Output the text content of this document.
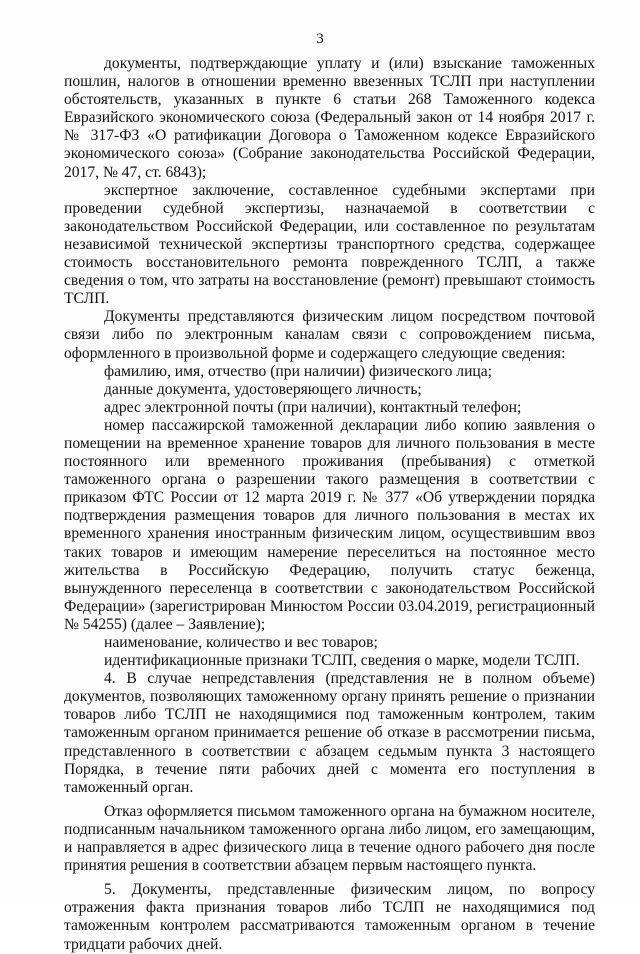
3

документы, подтверждающие уплату и (или) взыскание таможенных пошлин, налогов в отношении временно ввезенных ТСЛП при наступлении обстоятельств, указанных в пункте 6 статьи 268 Таможенного кодекса Евразийского экономического союза (Федеральный закон от 14 ноября 2017 г. № 317-ФЗ «О ратификации Договора о Таможенном кодексе Евразийского экономического союза» (Собрание законодательства Российской Федерации, 2017, № 47, ст. 6843);

экспертное заключение, составленное судебными экспертами при проведении судебной экспертизы, назначаемой в соответствии с законодательством Российской Федерации, или составленное по результатам независимой технической экспертизы транспортного средства, содержащее стоимость восстановительного ремонта поврежденного ТСЛП, а также сведения о том, что затраты на восстановление (ремонт) превышают стоимость ТСЛП.

Документы представляются физическим лицом посредством почтовой связи либо по электронным каналам связи с сопровождением письма, оформленного в произвольной форме и содержащего следующие сведения:

фамилию, имя, отчество (при наличии) физического лица;

данные документа, удостоверяющего личность;

адрес электронной почты (при наличии), контактный телефон;

номер пассажирской таможенной декларации либо копию заявления о помещении на временное хранение товаров для личного пользования в месте постоянного или временного проживания (пребывания) с отметкой таможенного органа о разрешении такого размещения в соответствии с приказом ФТС России от 12 марта 2019 г. № 377 «Об утверждении порядка подтверждения размещения товаров для личного пользования в местах их временного хранения иностранным физическим лицом, осуществившим ввоз таких товаров и имеющим намерение переселиться на постоянное место жительства в Российскую Федерацию, получить статус беженца, вынужденного переселенца в соответствии с законодательством Российской Федерации» (зарегистрирован Минюстом России 03.04.2019, регистрационный № 54255) (далее – Заявление);

наименование, количество и вес товаров;

идентификационные признаки ТСЛП, сведения о марке, модели ТСЛП.

4. В случае непредставления (представления не в полном объеме) документов, позволяющих таможенному органу принять решение о признании товаров либо ТСЛП не находящимися под таможенным контролем, таким таможенным органом принимается решение об отказе в рассмотрении письма, представленного в соответствии с абзацем седьмым пункта 3 настоящего Порядка, в течение пяти рабочих дней с момента его поступления в таможенный орган.

Отказ оформляется письмом таможенного органа на бумажном носителе, подписанным начальником таможенного органа либо лицом, его замещающим, и направляется в адрес физического лица в течение одного рабочего дня после принятия решения в соответствии абзацем первым настоящего пункта.

5. Документы, представленные физическим лицом, по вопросу отражения факта признания товаров либо ТСЛП не находящимися под таможенным контролем рассматриваются таможенным органом в течение тридцати рабочих дней.
